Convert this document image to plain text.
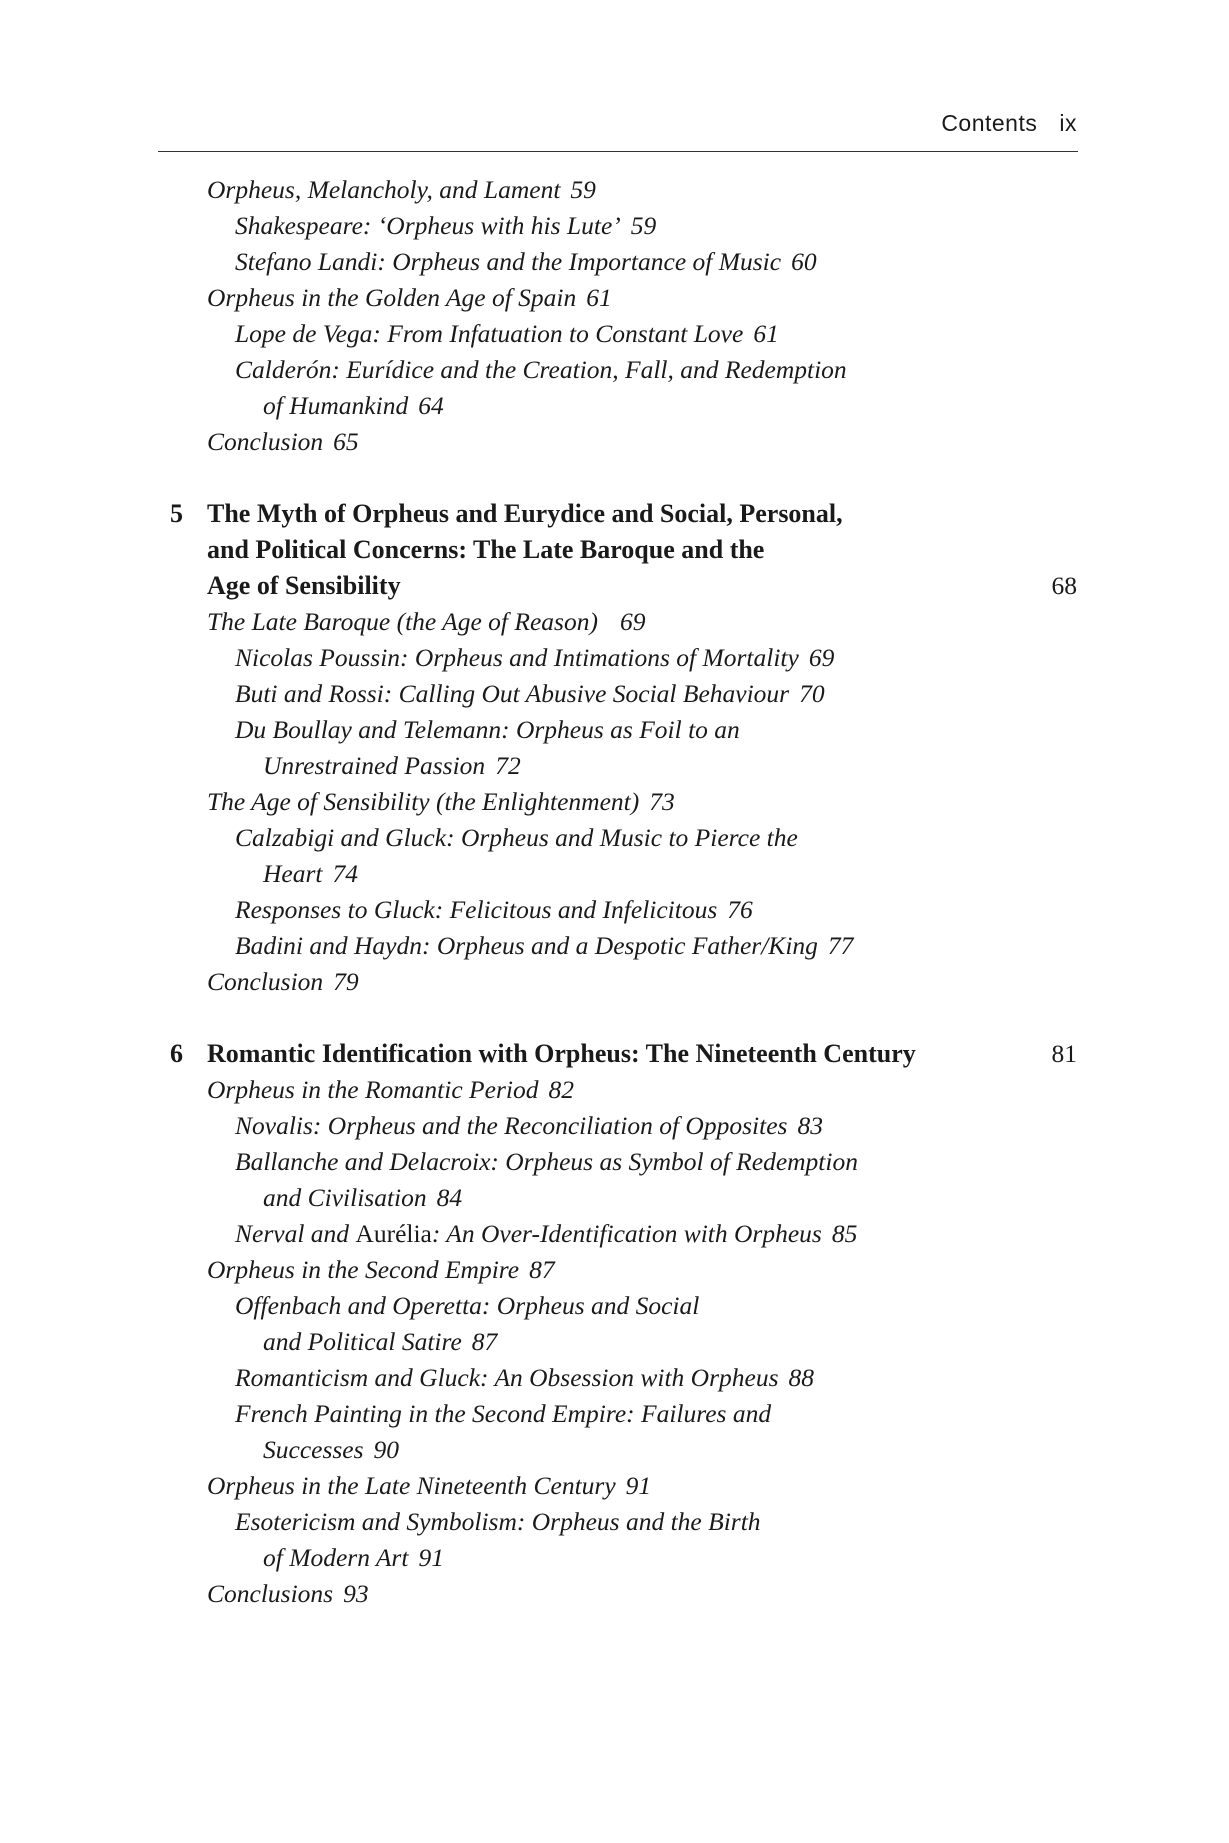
Contents ix
Orpheus, Melancholy, and Lament 59
Shakespeare: ‘Orpheus with his Lute’ 59
Stefano Landi: Orpheus and the Importance of Music 60
Orpheus in the Golden Age of Spain 61
Lope de Vega: From Infatuation to Constant Love 61
Calderón: Eurídice and the Creation, Fall, and Redemption
of Humankind 64
Conclusion 65
5 The Myth of Orpheus and Eurydice and Social, Personal,
and Political Concerns: The Late Baroque and the
Age of Sensibility	68
The Late Baroque (the Age of Reason) 69
Nicolas Poussin: Orpheus and Intimations of Mortality 69
Buti and Rossi: Calling Out Abusive Social Behaviour 70
Du Boullay and Telemann: Orpheus as Foil to an
Unrestrained Passion 72
The Age of Sensibility (the Enlightenment) 73
Calzabigi and Gluck: Orpheus and Music to Pierce the
Heart 74
Responses to Gluck: Felicitous and Infelicitous 76
Badini and Haydn: Orpheus and a Despotic Father/King 77
Conclusion 79
6 Romantic Identification with Orpheus: The Nineteenth Century	81
Orpheus in the Romantic Period 82
Novalis: Orpheus and the Reconciliation of Opposites 83
Ballanche and Delacroix: Orpheus as Symbol of Redemption
and Civilisation 84
Nerval and Aurélia: An Over-Identification with Orpheus 85
Orpheus in the Second Empire 87
Offenbach and Operetta: Orpheus and Social
and Political Satire 87
Romanticism and Gluck: An Obsession with Orpheus 88
French Painting in the Second Empire: Failures and
Successes 90
Orpheus in the Late Nineteenth Century 91
Esotericism and Symbolism: Orpheus and the Birth
of Modern Art 91
Conclusions 93
